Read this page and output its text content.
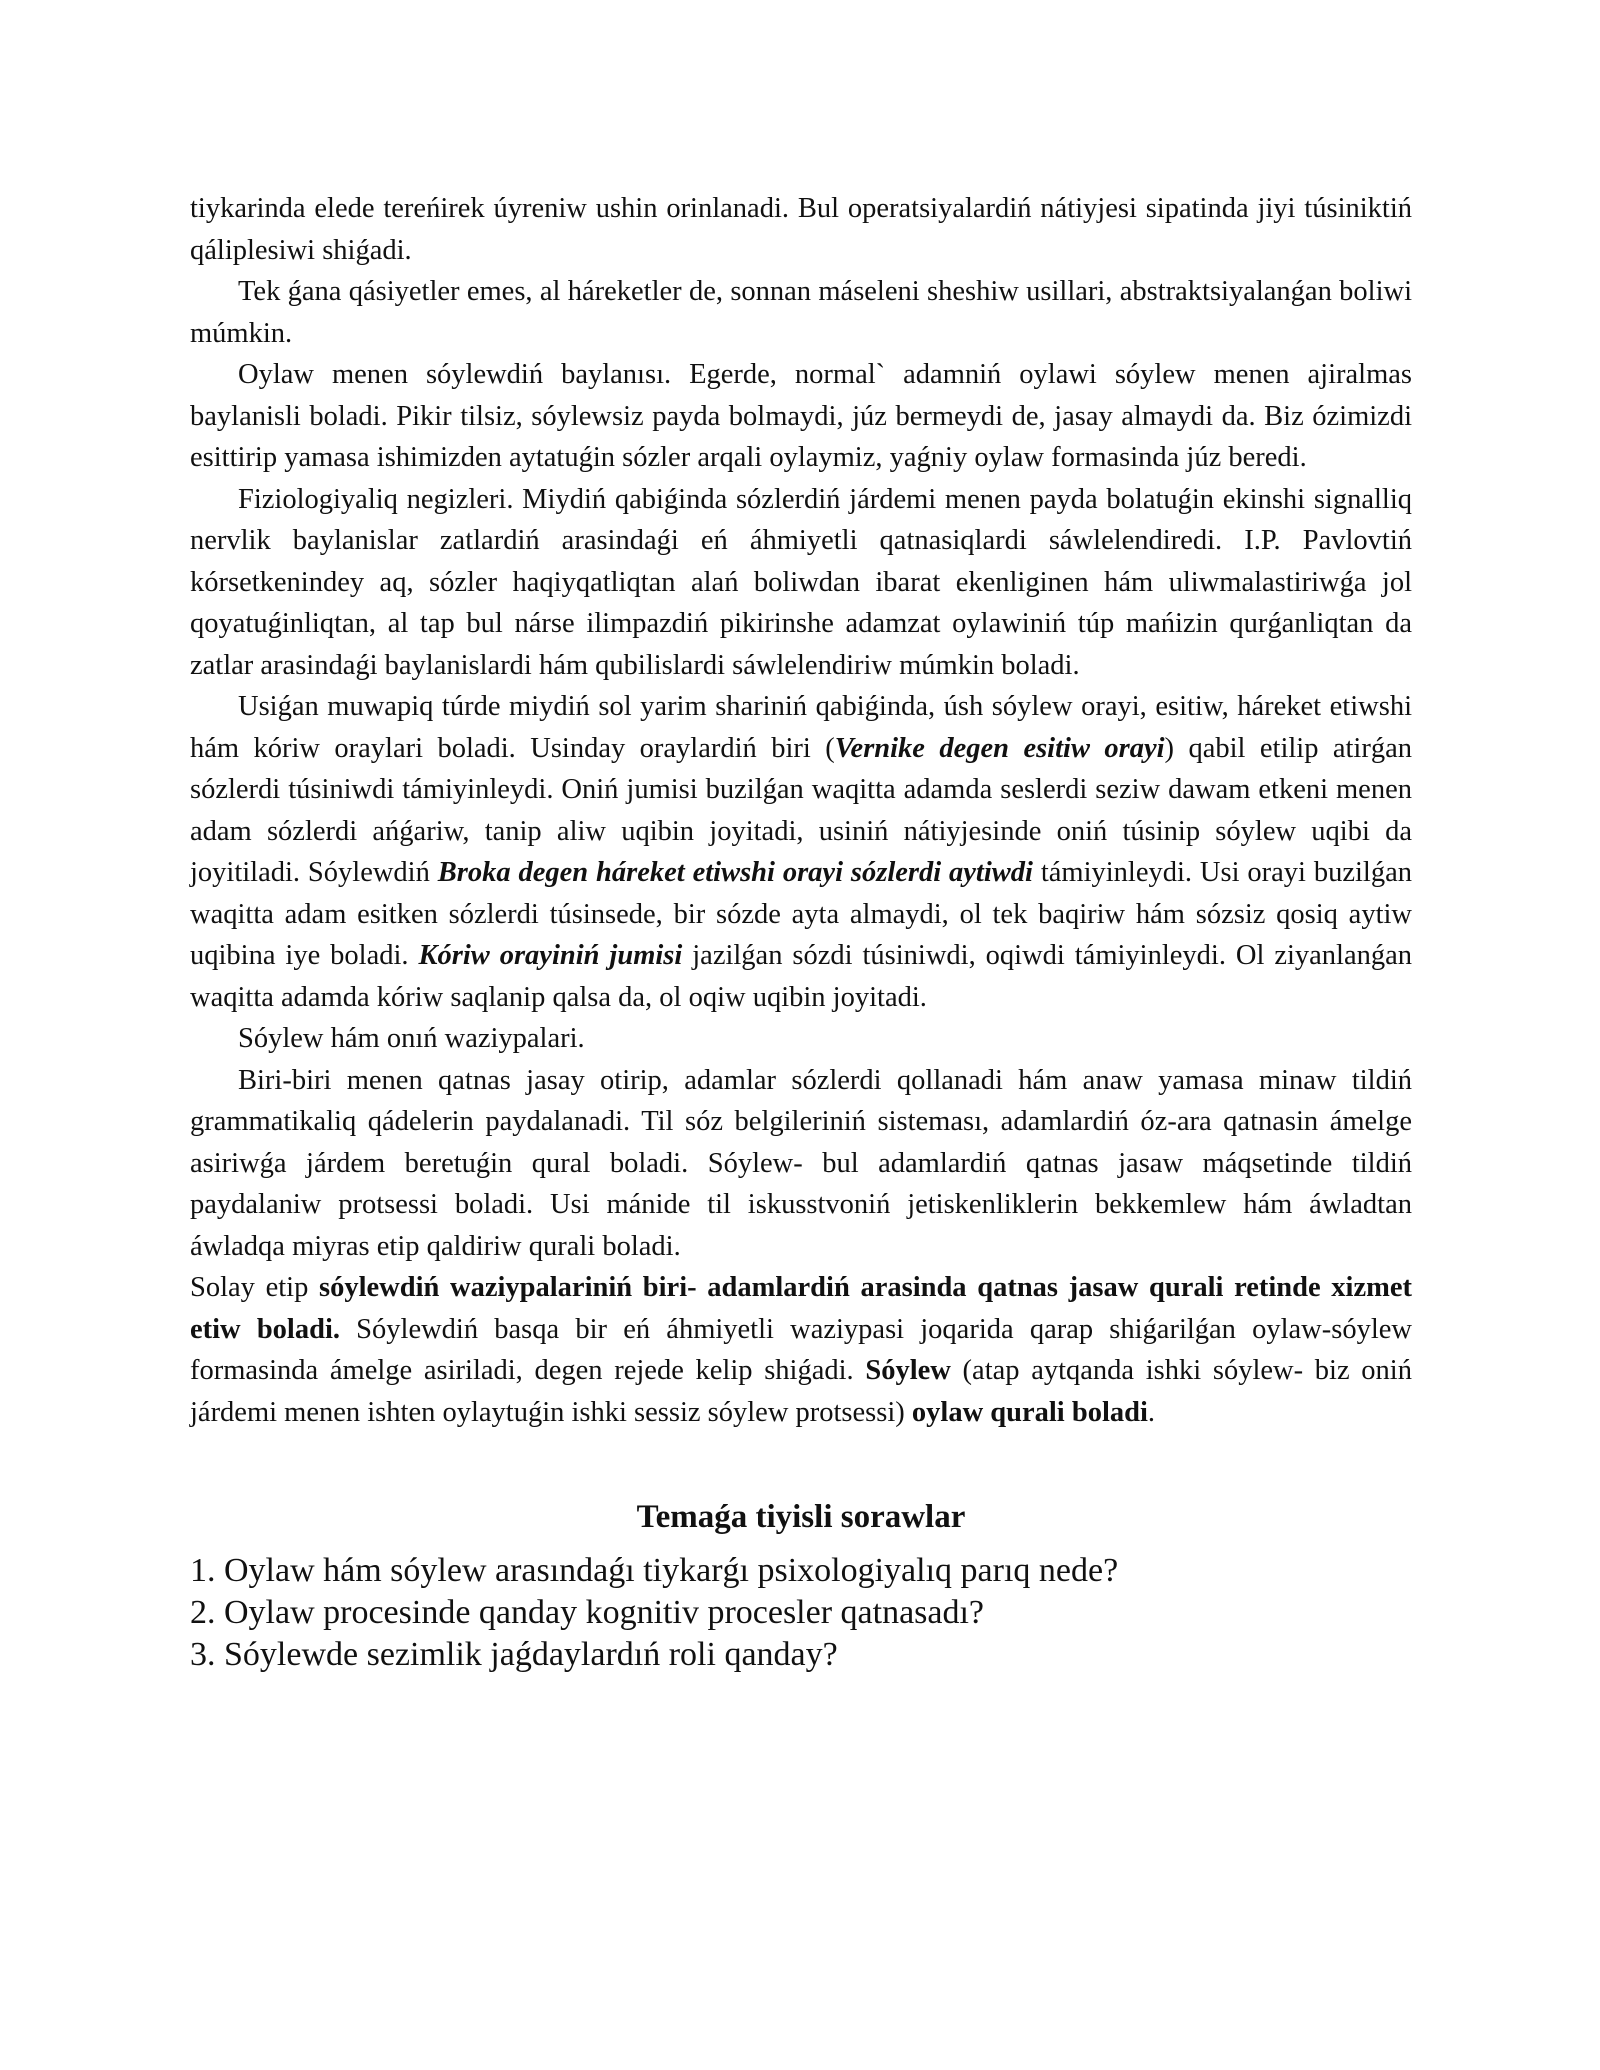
tiykarinda elede tereńirek úyreniw ushin orinlanadi. Bul operatsiyalardiń nátiyjesi sipatinda jiyi túsiniktiń qáliplesiwi shiǵadi.

Tek ǵana qásiyetler emes, al háreketler de, sonnan máseleni sheshiw usillari, abstraktsiyalanǵan boliwi múmkin.

Oylaw menen sóylewdiń baylanısı. Egerde, normal` adamniń oylawi sóylew menen ajiralmas baylanisli boladi. Pikir tilsiz, sóylewsiz payda bolmaydi, júz bermeydi de, jasay almaydi da. Biz ózimizdi esittirip yamasa ishimizden aytatuǵin sózler arqali oylaymiz, yaǵniy oylaw formasinda júz beredi.

Fiziologiyaliq negizleri. Miydiń qabiǵinda sózlerdiń járdemi menen payda bolatuǵin ekinshi signalliq nervlik baylanislar zatlardiń arasindaǵi eń áhmiyetli qatnasiqlardi sáwlelendiredi. I.P. Pavlovtiń kórsetkenindey aq, sózler haqiyqatliqtan alań boliwdan ibarat ekenliginen hám uliwmalastiriwǵa jol qoyatuǵinliqtan, al tap bul nárse ilimpazdiń pikirinshe adamzat oylawiniń túp mańizin qurǵanliqtan da zatlar arasindaǵi baylanislardi hám qubilislardi sáwlelendiriw múmkin boladi.

Usiǵan muwapiq túrde miydiń sol yarim shariniń qabiǵinda, úsh sóylew orayi, esitiw, háreket etiwshi hám kóriw oraylari boladi. Usinday oraylardiń biri (Vernike degen esitiw orayi) qabil etilip atirǵan sózlerdi túsiniwdi támiyinleydi. Oniń jumisi buzilǵan waqitta adamda seslerdi seziw dawam etkeni menen adam sózlerdi ańǵariw, tanip aliw uqibin joyitadi, usiniń nátiyjesinde oniń túsinip sóylew uqibi da joyitiladi. Sóylewdiń Broka degen háreket etiwshi orayi sózlerdi aytiwdi támiyinleydi. Usi orayi buzilǵan waqitta adam esitken sózlerdi túsinsede, bir sózde ayta almaydi, ol tek baqiriw hám sózsiz qosiq aytiw uqibina iye boladi. Kóriw orayiniń jumisi jazilǵan sózdi túsiniwdi, oqiwdi támiyinleydi. Ol ziyanlanǵan waqitta adamda kóriw saqlanip qalsa da, ol oqiw uqibin joyitadi.

Sóylew hám onıń waziypalari.

Biri-biri menen qatnas jasay otirip, adamlar sózlerdi qollanadi hám anaw yamasa minaw tildiń grammatikaliq qádelerin paydalanadi. Til sóz belgileriniń sisteması, adamlardiń óz-ara qatnasin ámelge asiriwǵa járdem beretuǵin qural boladi. Sóylew- bul adamlardiń qatnas jasaw máqsetinde tildiń paydalaniw protsessi boladi. Usi mánide til iskusstvoniń jetiskenliklerin bekkemlew hám áwladtan áwladqa miyras etip qaldiriw qurali boladi.

Solay etip sóylewdiń waziypalariniń biri- adamlardiń arasinda qatnas jasaw qurali retinde xizmet etiw boladi. Sóylewdiń basqa bir eń áhmiyetli waziypasi joqarida qarap shiǵarilǵan oylaw-sóylew formasinda ámelge asiriladi, degen rejede kelip shiǵadi. Sóylew (atap aytqanda ishki sóylew- biz oniń járdemi menen ishten oylaytuǵin ishki sessiz sóylew protsessi) oylaw qurali boladi.

Temaǵa tiyisli sorawlar
1. Oylaw hám sóylew arasındaǵı tiykarǵı psixologiyalıq parıq nede?
2. Oylaw procesinde qanday kognitiv procesler qatnasadı?
3. Sóylewde sezimlik jaǵdaylardıń roli qanday?
